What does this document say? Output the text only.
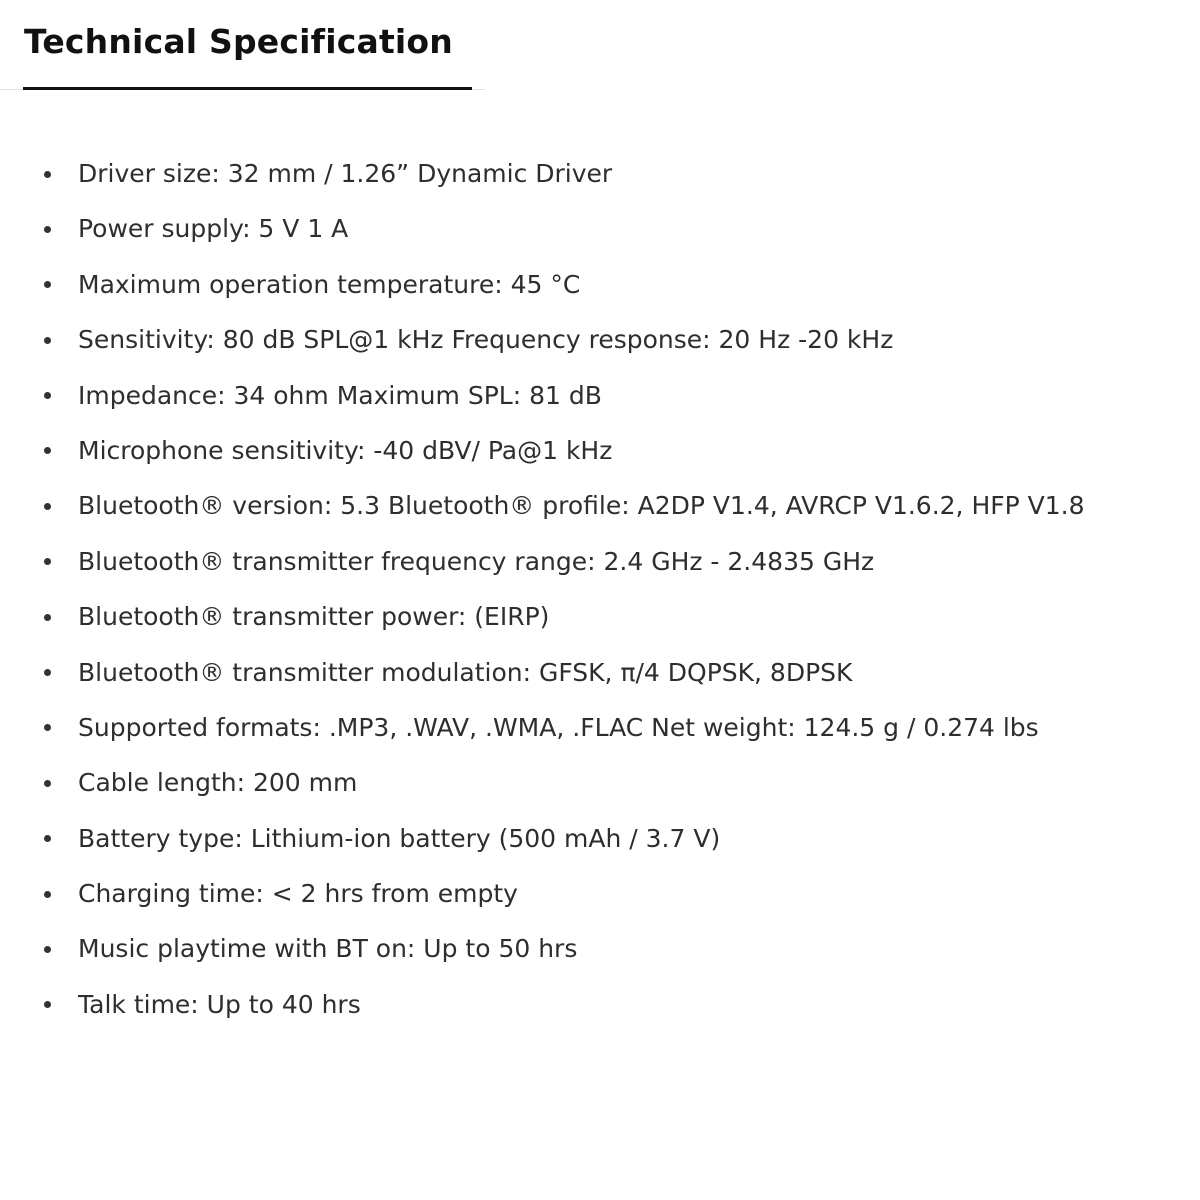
Technical Specification
Driver size: 32 mm / 1.26” Dynamic Driver
Power supply: 5 V 1 A
Maximum operation temperature: 45 °C
Sensitivity: 80 dB SPL@1 kHz Frequency response: 20 Hz -20 kHz
Impedance: 34 ohm Maximum SPL: 81 dB
Microphone sensitivity: -40 dBV/ Pa@1 kHz
Bluetooth® version: 5.3 Bluetooth® profile: A2DP V1.4, AVRCP V1.6.2, HFP V1.8
Bluetooth® transmitter frequency range: 2.4 GHz - 2.4835 GHz
Bluetooth® transmitter power: (EIRP)
Bluetooth® transmitter modulation: GFSK, π/4 DQPSK, 8DPSK
Supported formats: .MP3, .WAV, .WMA, .FLAC Net weight: 124.5 g / 0.274 lbs
Cable length: 200 mm
Battery type: Lithium-ion battery (500 mAh / 3.7 V)
Charging time: < 2 hrs from empty
Music playtime with BT on: Up to 50 hrs
Talk time: Up to 40 hrs
